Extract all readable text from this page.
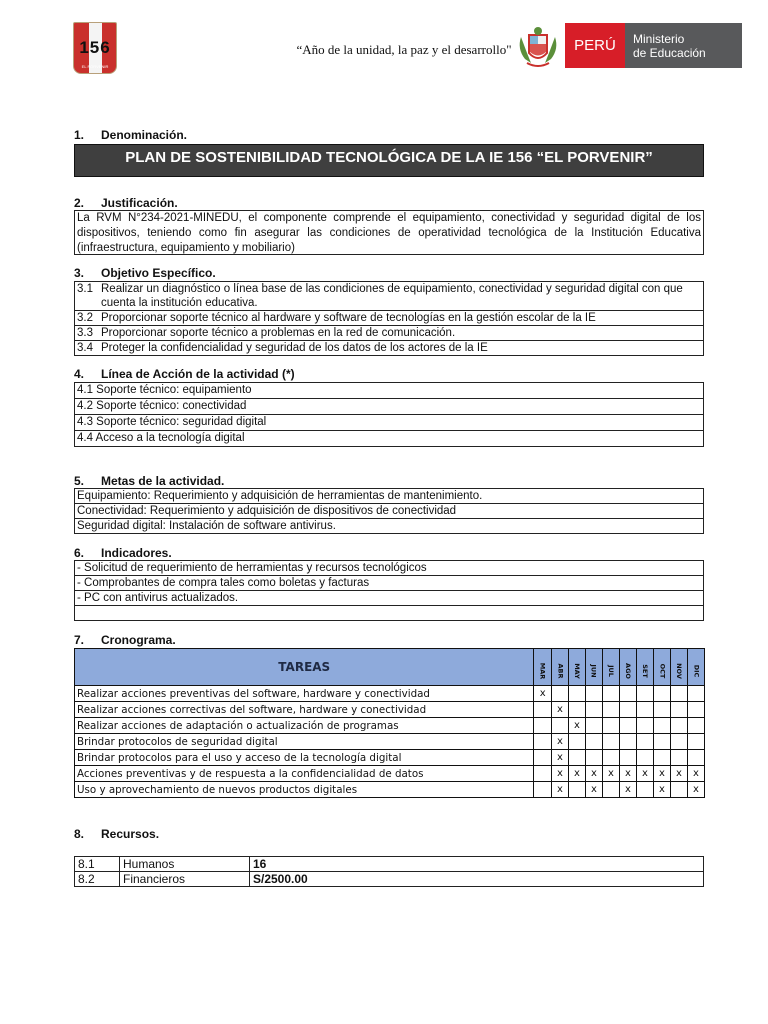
156
EL PORVENIR
“Año de la unidad, la paz y el desarrollo"	PERÚ	Ministerio
de Educación
1. Denominación.
PLAN DE SOSTENIBILIDAD TECNOLÓGICA DE LA IE 156 “EL PORVENIR”
2. Justificación.
La RVM N°234-2021-MINEDU, el componente comprende el equipamiento, conectividad y seguridad digital de los dispositivos, teniendo como fin asegurar las condiciones de operatividad tecnológica de la Institución Educativa (infraestructura, equipamiento y mobiliario)
3. Objetivo Específico.
3.1 Realizar un diagnóstico o línea base de las condiciones de equipamiento, conectividad y seguridad digital con que cuenta la institución educativa.
3.2 Proporcionar soporte técnico al hardware y software de tecnologías en la gestión escolar de la IE
3.3 Proporcionar soporte técnico a problemas en la red de comunicación.
3.4 Proteger la confidencialidad y seguridad de los datos de los actores de la IE
4. Línea de Acción de la actividad (*)
4.1 Soporte técnico: equipamiento
4.2 Soporte técnico: conectividad
4.3 Soporte técnico: seguridad digital
4.4 Acceso a la tecnología digital
5. Metas de la actividad.
Equipamiento: Requerimiento y adquisición de herramientas de mantenimiento.
Conectividad: Requerimiento y adquisición de dispositivos de conectividad
Seguridad digital: Instalación de software antivirus.
6. Indicadores.
- Solicitud de requerimiento de herramientas y recursos tecnológicos
- Comprobantes de compra tales como boletas y facturas
- PC con antivirus actualizados.
7. Cronograma.
TAREAS	MAR	ABR	MAY	JUN	JUL	AGO	SET	OCT	NOV	DIC
Realizar acciones preventivas del software, hardware y conectividad	x									
Realizar acciones correctivas del software, hardware y conectividad		x								
Realizar acciones de adaptación o actualización de programas			x							
Brindar protocolos de seguridad digital		x								
Brindar protocolos para el uso y acceso de la tecnología digital		x								
Acciones preventivas y de respuesta a la confidencialidad de datos		x	x	x	x	x	x	x	x	x
Uso y aprovechamiento de nuevos productos digitales		x		x		x		x		x
8. Recursos.
8.1	Humanos	16
8.2	Financieros	S/2500.00
